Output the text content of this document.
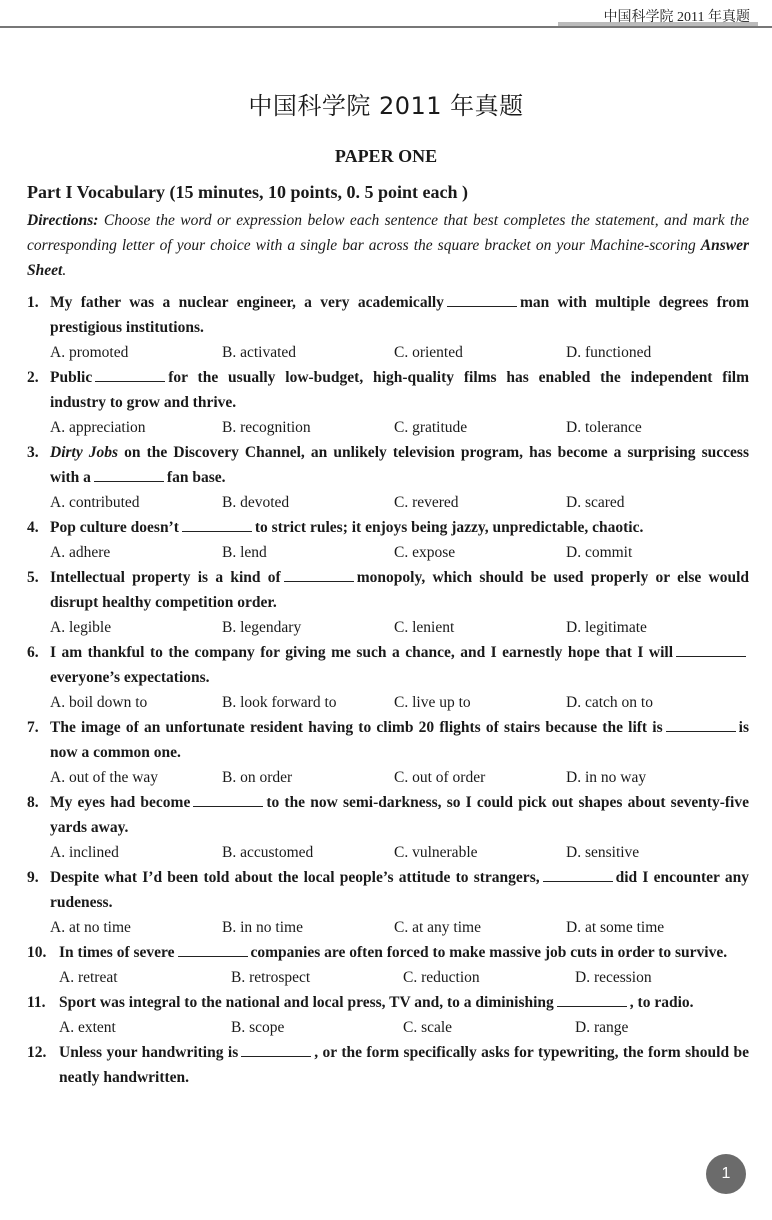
中国科学院 2011 年真题
中国科学院 2011 年真题
PAPER ONE
Part I Vocabulary (15 minutes, 10 points, 0. 5 point each )
Directions: Choose the word or expression below each sentence that best completes the statement, and mark the corresponding letter of your choice with a single bar across the square bracket on your Machine-scoring Answer Sheet.
1. My father was a nuclear engineer, a very academically	man with multiple degrees from prestigious institutions.
A. promoted	B. activated	C. oriented	D. functioned
2. Public	for the usually low-budget, high-quality films has enabled the independent film industry to grow and thrive.
A. appreciation	B. recognition	C. gratitude	D. tolerance
3. Dirty Jobs on the Discovery Channel, an unlikely television program, has become a surprising success with a	fan base.
A. contributed	B. devoted	C. revered	D. scared
4. Pop culture doesn’t	to strict rules; it enjoys being jazzy, unpredictable, chaotic.
A. adhere	B. lend	C. expose	D. commit
5. Intellectual property is a kind of	monopoly, which should be used properly or else would disrupt healthy competition order.
A. legible	B. legendary	C. lenient	D. legitimate
6. I am thankful to the company for giving me such a chance, and I earnestly hope that I willeveryone’s expectations.
A. boil down to	B. look forward to	C. live up to	D. catch on to
7. The image of an unfortunate resident having to climb 20 flights of stairs because the lift is	is now a common one.
A. out of the way	B. on order	C. out of order	D. in no way
8. My eyes had become	to the now semi-darkness, so I could pick out shapes about seventy-five yards away.
A. inclined	B. accustomed	C. vulnerable	D. sensitive
9. Despite what I’d been told about the local people’s attitude to strangers,	did I encounter any rudeness.
A. at no time	B. in no time	C. at any time	D. at some time
10. In times of severe	companies are often forced to make massive job cuts in order to survive.
A. retreat	B. retrospect	C. reduction	D. recession
11. Sport was integral to the national and local press, TV and, to a diminishing	, to radio.
A. extent	B. scope	C. scale	D. range
12. Unless your handwriting is	, or the form specifically asks for typewriting, the form should be neatly handwritten.
1
